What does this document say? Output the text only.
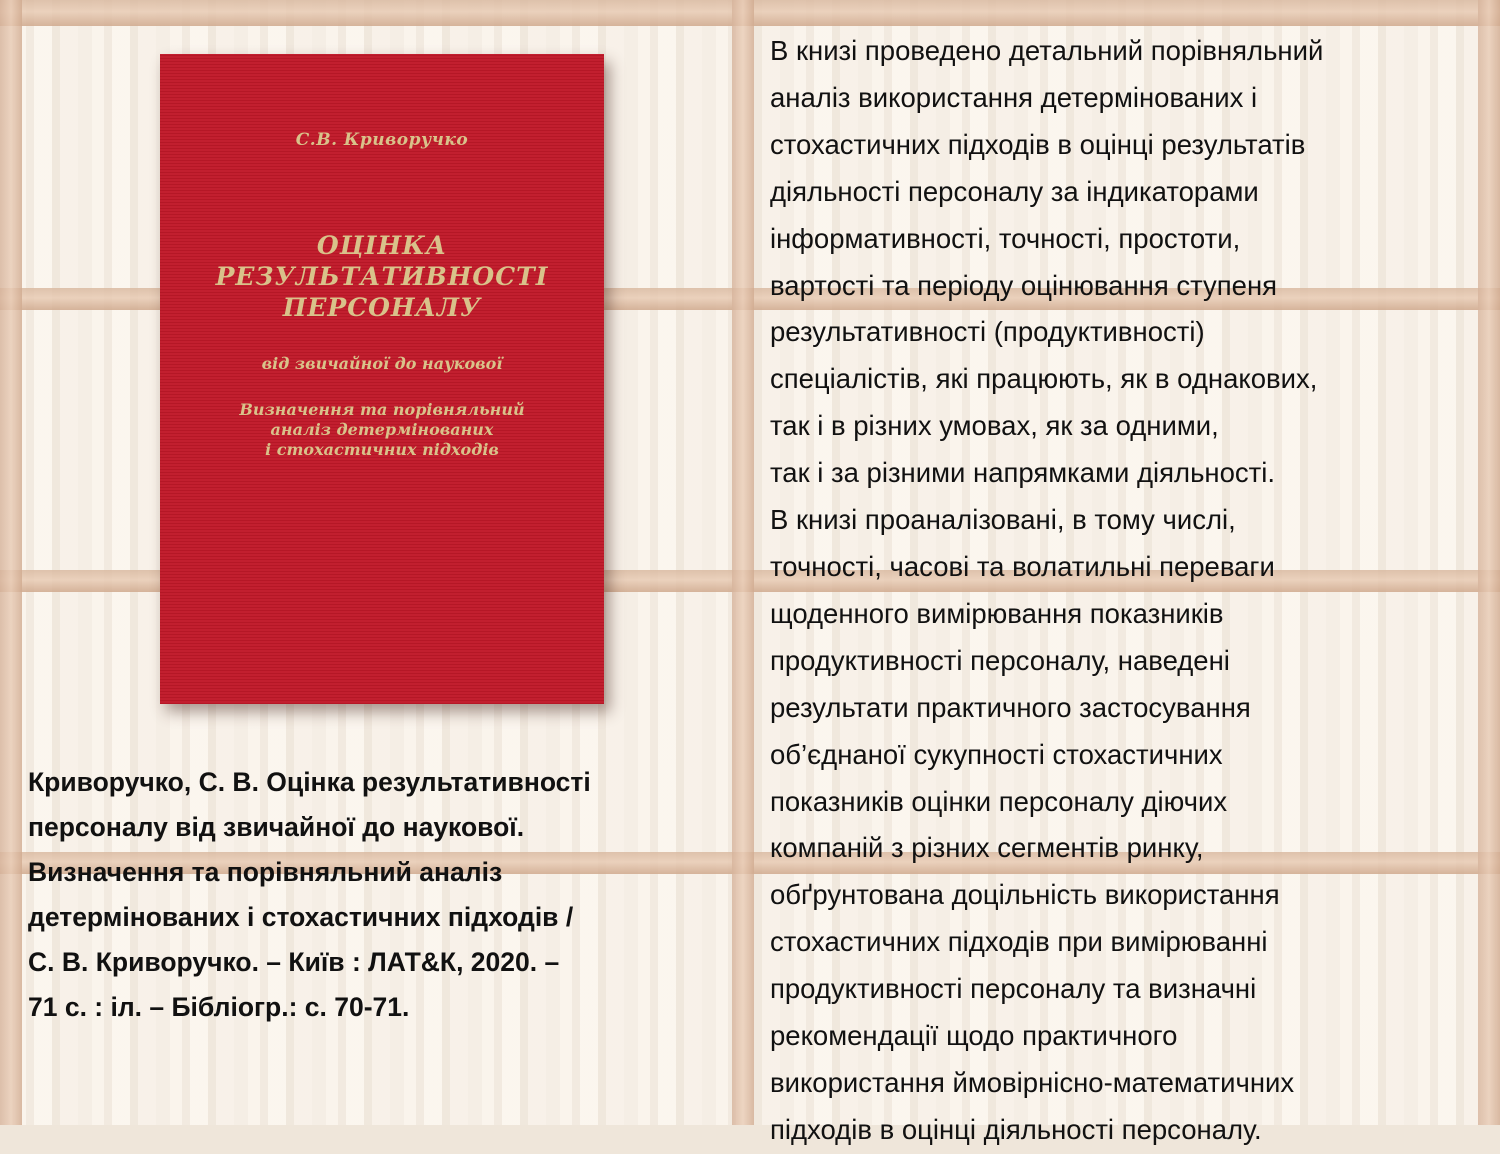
С.В. Криворучко
ОЦІНКА
РЕЗУЛЬТАТИВНОСТІ
ПЕРСОНАЛУ
від звичайної до наукової
Визначення та порівняльний
аналіз детермінованих
і стохастичних підходів
Криворучко, С. В. Оцінка результативності
персоналу від звичайної до наукової.
Визначення та порівняльний аналіз
детермінованих і стохастичних підходів /
С. В. Криворучко. – Київ : ЛАТ&К, 2020. –
71 с. : іл. – Бібліогр.: с. 70-71.
В книзі проведено детальний порівняльний
аналіз використання детермінованих і
стохастичних підходів в оцінці результатів
діяльності персоналу за індикаторами
інформативності, точності, простоти,
вартості та періоду оцінювання ступеня
результативності (продуктивності)
спеціалістів, які працюють, як в однакових,
так і в різних умовах, як за одними,
так і за різними напрямками діяльності.
В книзі проаналізовані, в тому числі,
точності, часові та волатильні переваги
щоденного вимірювання показників
продуктивності персоналу, наведені
результати практичного застосування
об’єднаної сукупності стохастичних
показників оцінки персоналу діючих
компаній з різних сегментів ринку,
обґрунтована доцільність використання
стохастичних підходів при вимірюванні
продуктивності персоналу та визначні
рекомендації щодо практичного
використання ймовірнісно-математичних
підходів в оцінці діяльності персоналу.
